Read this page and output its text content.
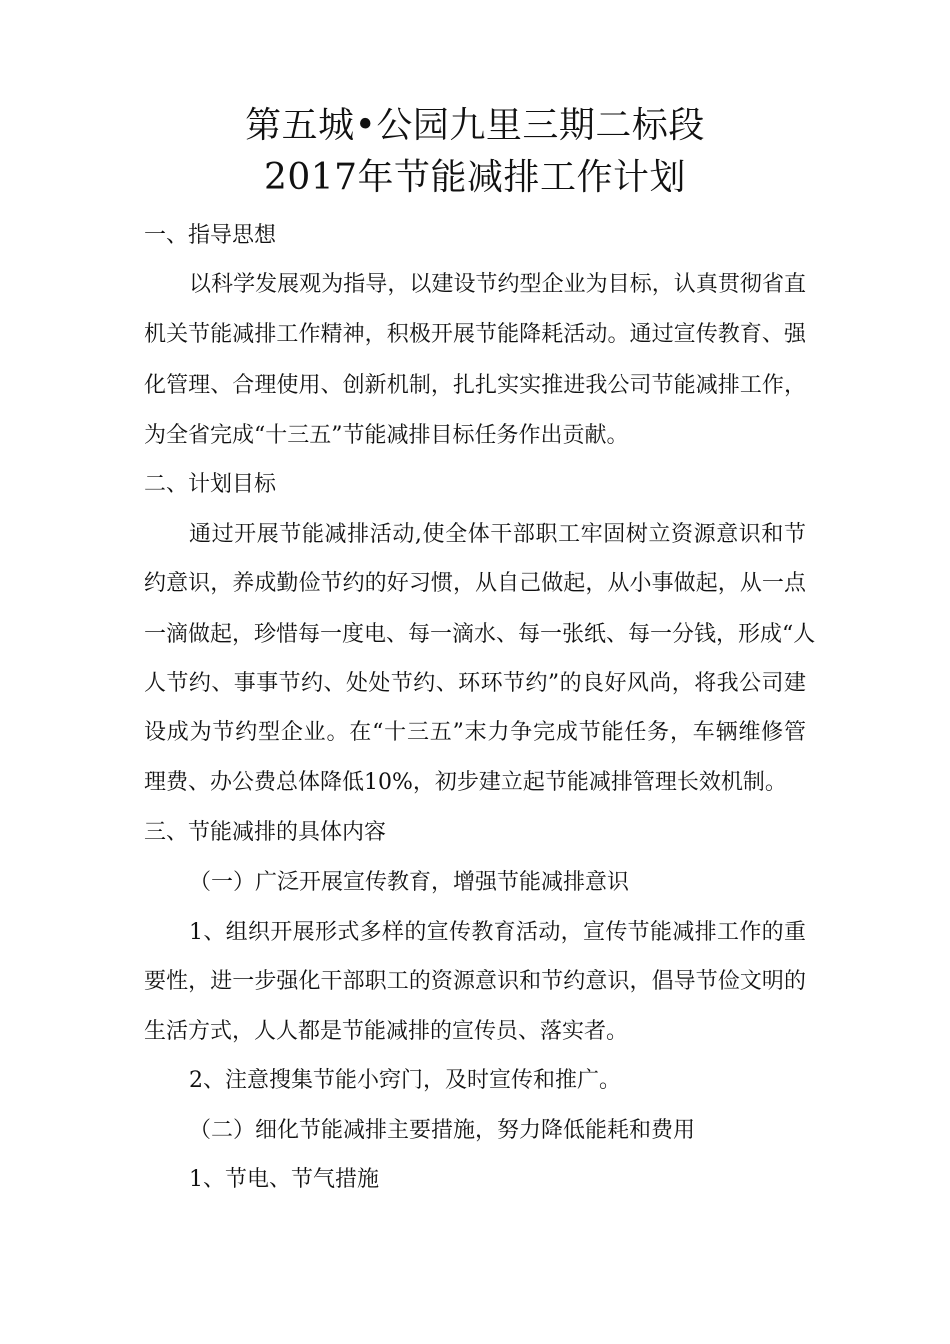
第五城•公园九里三期二标段
2017年节能减排工作计划
一、指导思想
以科学发展观为指导，以建设节约型企业为目标，认真贯彻省直
机关节能减排工作精神，积极开展节能降耗活动。通过宣传教育、强
化管理、合理使用、创新机制，扎扎实实推进我公司节能减排工作，
为全省完成“十三五”节能减排目标任务作出贡献。
二、计划目标
通过开展节能减排活动,使全体干部职工牢固树立资源意识和节
约意识，养成勤俭节约的好习惯，从自己做起，从小事做起，从一点
一滴做起，珍惜每一度电、每一滴水、每一张纸、每一分钱，形成“人
人节约、事事节约、处处节约、环环节约”的良好风尚，将我公司建
设成为节约型企业。在“十三五”末力争完成节能任务，车辆维修管
理费、办公费总体降低10%，初步建立起节能减排管理长效机制。
三、节能减排的具体内容
（一）广泛开展宣传教育，增强节能减排意识
1、组织开展形式多样的宣传教育活动，宣传节能减排工作的重
要性，进一步强化干部职工的资源意识和节约意识，倡导节俭文明的
生活方式，人人都是节能减排的宣传员、落实者。
2、注意搜集节能小窍门，及时宣传和推广。
（二）细化节能减排主要措施，努力降低能耗和费用
1、节电、节气措施
